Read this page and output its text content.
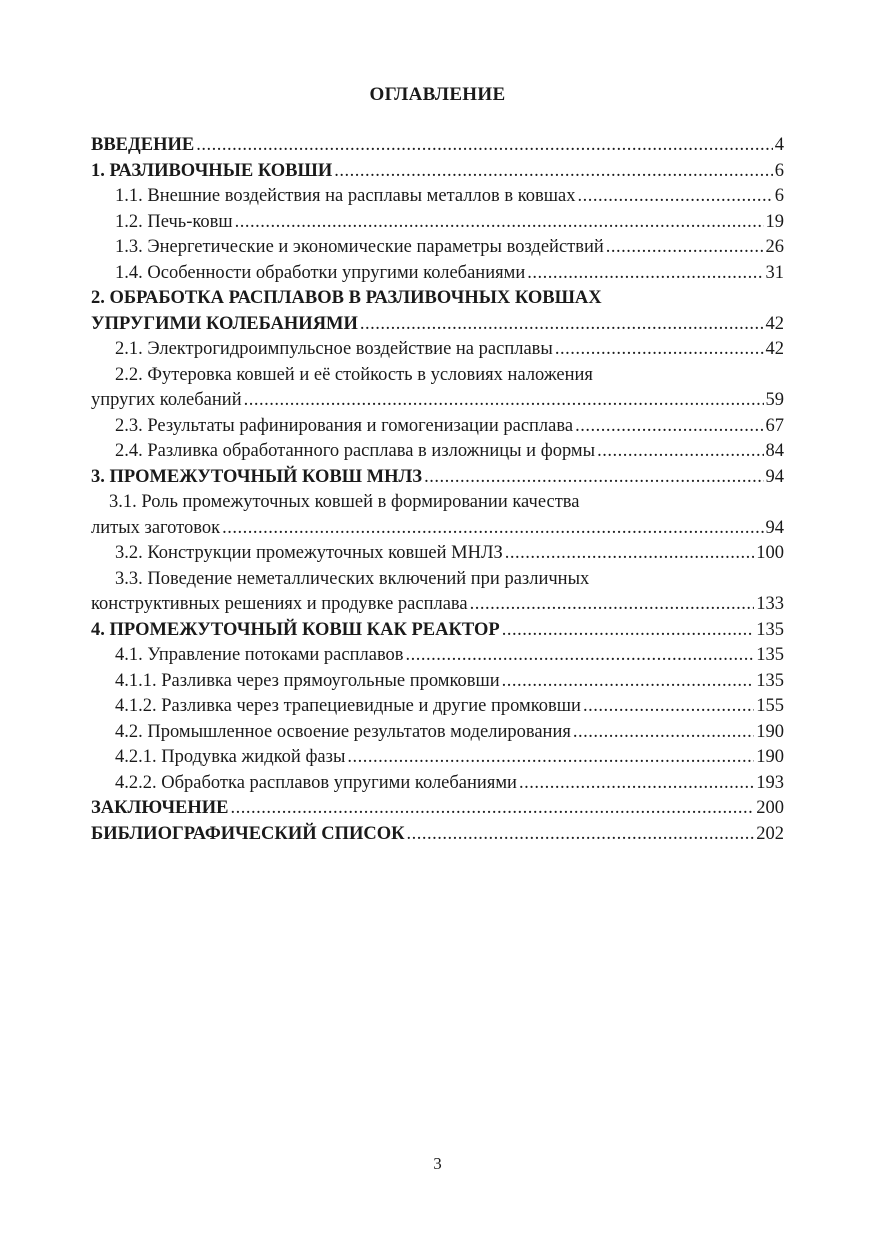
ОГЛАВЛЕНИЕ
ВВЕДЕНИЕ .....	4
1. РАЗЛИВОЧНЫЕ КОВШИ .....	6
1.1. Внешние воздействия на расплавы металлов в ковшах .....	6
1.2. Печь-ковш .....	19
1.3. Энергетические и экономические параметры воздействий .....	26
1.4. Особенности обработки упругими колебаниями .....	31
2. ОБРАБОТКА РАСПЛАВОВ В РАЗЛИВОЧНЫХ КОВШАХ
УПРУГИМИ КОЛЕБАНИЯМИ .....	42
2.1. Электрогидроимпульсное воздействие на расплавы .....	42
2.2. Футеровка ковшей и её стойкость в условиях наложения
упругих колебаний .....	59
2.3. Результаты рафинирования и гомогенизации расплава .....	67
2.4. Разливка обработанного расплава в изложницы и формы .....	84
3. ПРОМЕЖУТОЧНЫЙ КОВШ МНЛЗ .....	94
3.1. Роль промежуточных ковшей в формировании качества
литых заготовок .....	94
3.2. Конструкции промежуточных ковшей МНЛЗ .....	100
3.3. Поведение неметаллических включений при различных
конструктивных решениях и продувке расплава .....	133
4. ПРОМЕЖУТОЧНЫЙ КОВШ КАК РЕАКТОР .....	135
4.1. Управление потоками расплавов .....	135
4.1.1. Разливка через прямоугольные промковши .....	135
4.1.2. Разливка через трапециевидные и другие промковши .....	155
4.2. Промышленное освоение результатов моделирования .....	190
4.2.1. Продувка жидкой фазы .....	190
4.2.2. Обработка расплавов упругими колебаниями .....	193
ЗАКЛЮЧЕНИЕ .....	200
БИБЛИОГРАФИЧЕСКИЙ СПИСОК .....	202
3
